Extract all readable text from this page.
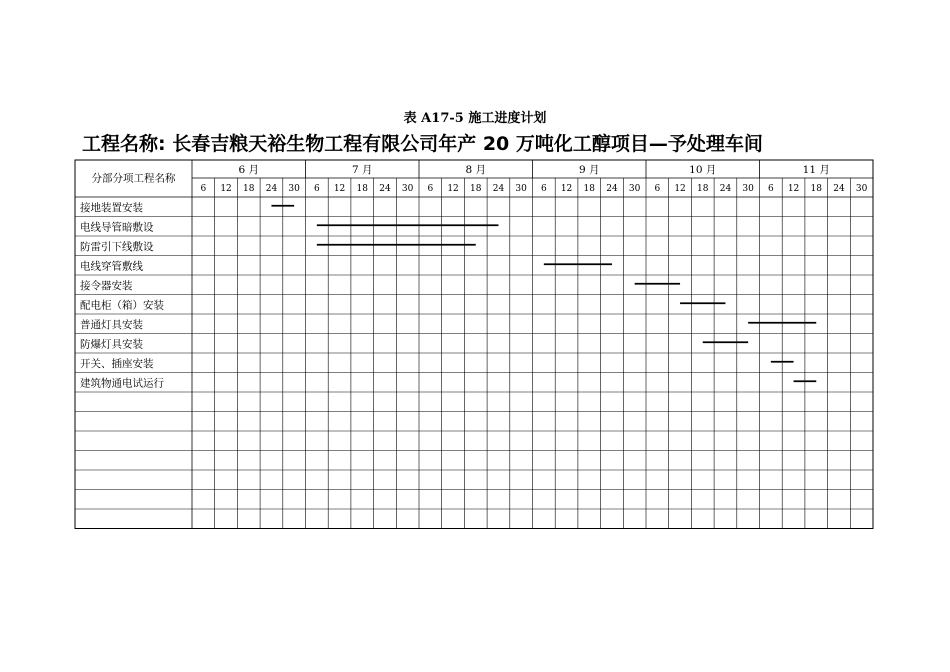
表 A17-5 施工进度计划
工程名称: 长春吉粮天裕生物工程有限公司年产 20 万吨化工醇项目—予处理车间
分部分项工程名称
6 月
6 12 18 24 30
7 月
6 12 18 24 30
8 月
6 12 18 24 30
9 月
6 12 18 24 30
10 月
6 12 18 24 30
11 月
6 12 18 24 30
接地装置安装
电线导管暗敷设
防雷引下线敷设
电线穿管敷线
接令器安装
配电柜（箱）安装
普通灯具安装
防爆灯具安装
开关、插座安装
建筑物通电试运行
